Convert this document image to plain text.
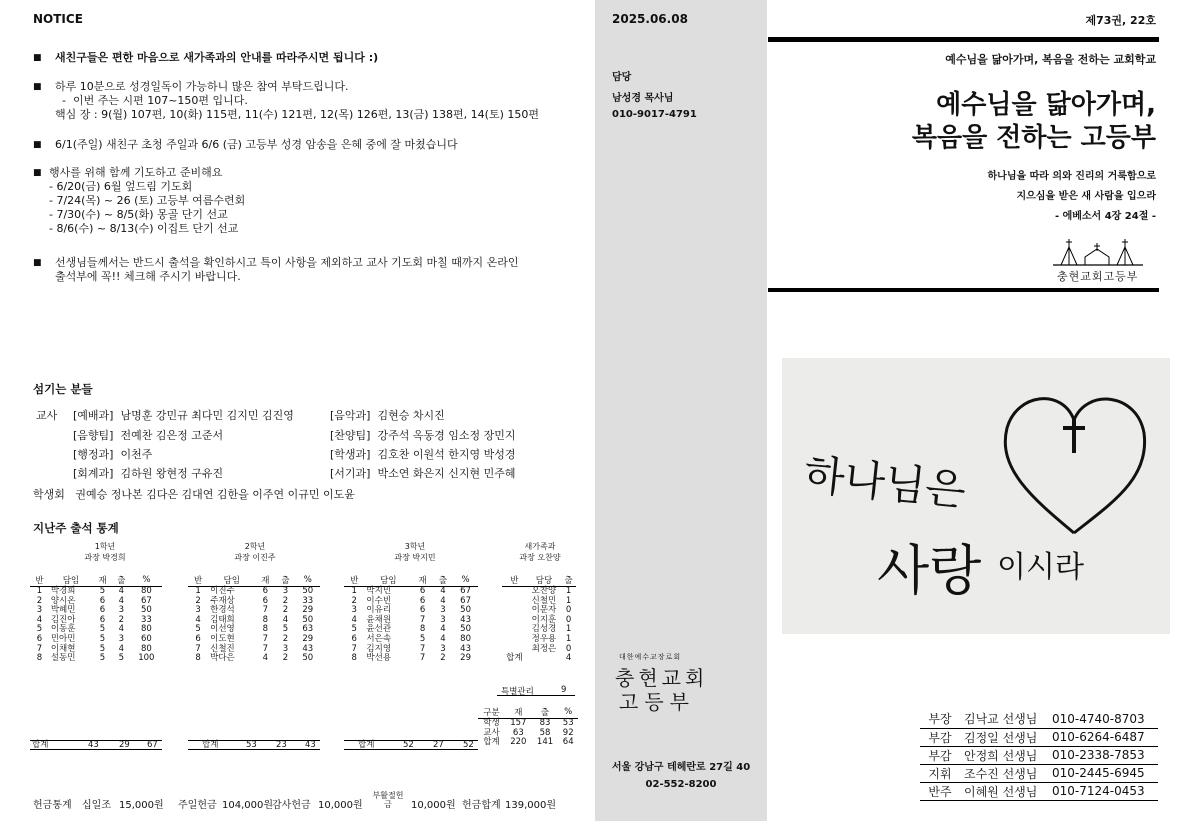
NOTICE
■ 새친구들은 편한 마음으로 새가족과의 안내를 따라주시면 됩니다 :)
■ 하루 10분으로 성경일독이 가능하니 많은 참여 부탁드립니다.
-  이번 주는 시편 107~150편 입니다.
핵심 장 : 9(월) 107편, 10(화) 115편, 11(수) 121편, 12(목) 126편, 13(금) 138편, 14(토) 150편
■ 6/1(주일) 새친구 초청 주일과 6/6 (금) 고등부 성경 암송을 은혜 중에 잘 마쳤습니다
■ 행사를 위해 함께 기도하고 준비해요
- 6/20(금) 6월 엎드림 기도회
- 7/24(목) ~ 26 (토) 고등부 여름수련회
- 7/30(수) ~ 8/5(화) 몽골 단기 선교
- 8/6(수) ~ 8/13(수) 이집트 단기 선교
■ 선생님들께서는 반드시 출석을 확인하시고 특이 사항을 제외하고 교사 기도회 마칠 때까지 온라인
출석부에 꼭!! 체크해 주시기 바랍니다.
섬기는 분들
교사 [예배과]  남명훈 강민규 최다민 김지민 김진영	[음악과]  김현승 차시진
[음향팀]  전예찬 김은정 고준서	[찬양팀]  강주석 옥동경 임소정 장민지
[행정과]  이천주	[학생과]  김호찬 이원석 한지영 박성경
[회계과]  김하원 왕현정 구유진	[서기과]  박소연 화은지 신지현 민주혜
학생회   권예승 정나본 김다은 김대연 김한을 이주연 이규민 이도윤
지난주 출석 통계
1학년
과장 박경희
2학년
과장 이진주
3학년
과장 박지민
새가족과
과장 오찬양
반	담임	재	출	%
1	박경희	5	4	80
2	양시온	6	4	67
3	박혜민	6	3	50
4	김진아	6	2	33
5	이동훈	5	4	80
6	민아민	5	3	60
7	이채현	5	4	80
8	설동민	5	5	100
반	담임	재	출	%
1	이진주	6	3	50
2	주재상	6	2	33
3	한경석	7	2	29
4	김태희	8	4	50
5	이선영	8	5	63
6	이도현	7	2	29
7	신철진	7	3	43
8	박다은	4	2	50
반	담임	재	출	%
1	박지민	6	4	67
2	이수빈	6	4	67
3	이유리	6	3	50
4	윤채원	7	3	43
5	윤선관	8	4	50
6	서은속	5	4	80
7	김지영	7	3	43
8	박선용	7	2	29
반	담당	출
	오찬양	1
	신철민	1
	이문자	0
	이지훈	0
	김성경	1
	정우용	1
	최정은	0
합계		4
특별관리	9

구분	재	출	%
학생	157	83	53
교사	63	58	92
합계	220	141	64
합계	43 29 67	합계	53 23 43	합계	52 27 52
헌금통계 십일조 15,000원 주일헌금 104,000원
감사헌금 10,000원
부활절헌금	10,000원 헌금합계 139,000원
2025.06.08
담당
남성경 목사님
010-9017-4791
대한예수교장로회
충현교회
고등부
서울 강남구 테헤란로 27길 40
02-552-8200
제73권, 22호
예수님을 닮아가며, 복음을 전하는 교회학교
예수님을 닮아가며,
복음을 전하는 고등부
하나님을 따라 의와 진리의 거룩함으로
지으심을 받은 새 사람을 입으라
- 에베소서 4장 24절 -
충현교회고등부
하나님은
사랑 이시라
부장	김낙교 선생님	010-4740-8703
부감	김정일 선생님	010-6264-6487
부감	안정희 선생님	010-2338-7853
지휘	조수진 선생님	010-2445-6945
반주	이혜원 선생님	010-7124-0453
